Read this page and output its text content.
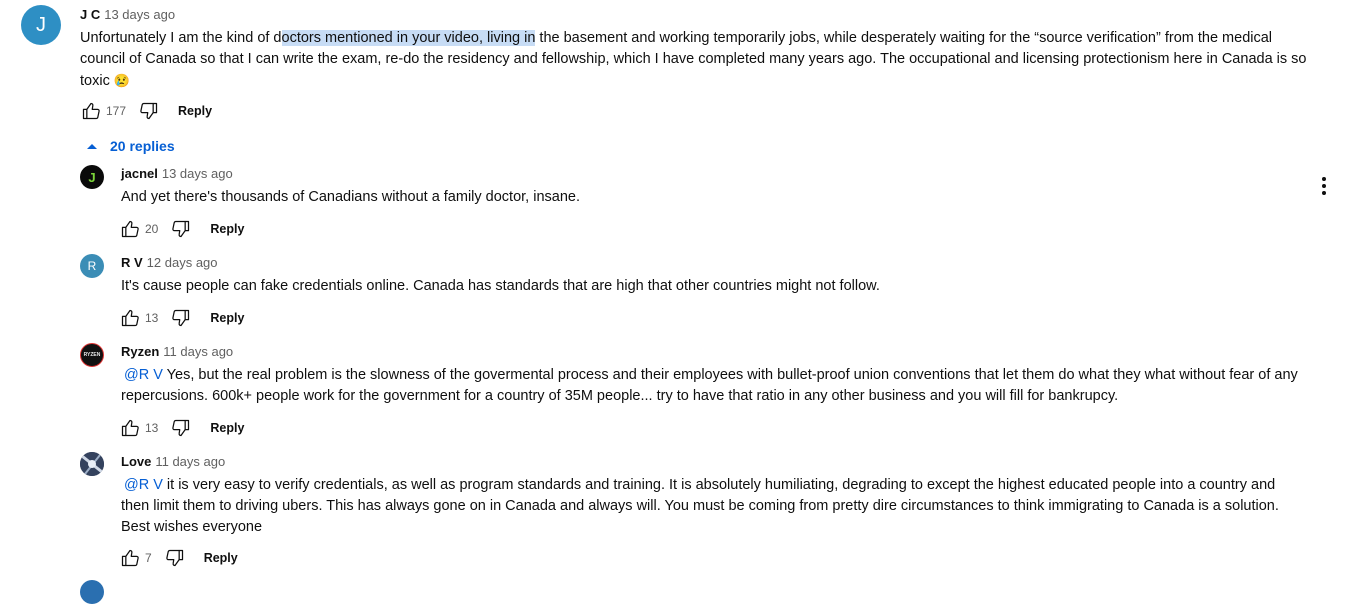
J	J C 13 days ago
Unfortunately I am the kind of doctors mentioned in your video, living in the basement and working temporarily jobs, while desperately waiting for the “source verification” from the medical council of Canada so that I can write the exam, re-do the residency and fellowship, which I have completed many years ago. The occupational and licensing protectionism here in Canada is so toxic 😢
177	Reply
20 replies
J jacnel 13 days ago
And yet there's thousands of Canadians without a family doctor, insane.
20	Reply
R R V 12 days ago
It's cause people can fake credentials online. Canada has standards that are high that other countries might not follow.
13	Reply
RYZEN Ryzen 11 days ago
@R V Yes, but the real problem is the slowness of the govermental process and their employees with bullet-proof union conventions that let them do what they what without fear of any repercusions. 600k+ people work for the government for a country of 35M people... try to have that ratio in any other business and you will fill for bankrupcy.
13	Reply
Love 11 days ago
@R V it is very easy to verify credentials, as well as program standards and training. It is absolutely humiliating, degrading to except the highest educated people into a country and then limit them to driving ubers. This has always gone on in Canada and always will. You must be coming from pretty dire circumstances to think immigrating to Canada is a solution. Best wishes everyone
7	Reply
